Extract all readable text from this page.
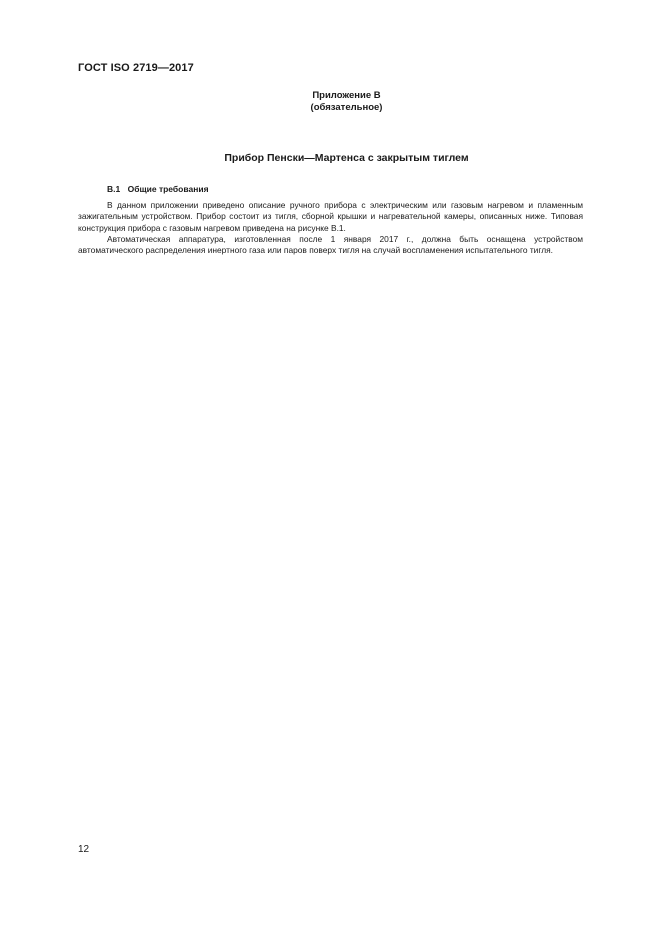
ГОСТ ISO 2719—2017
Приложение В
(обязательное)
Прибор Пенски—Мартенса с закрытым тиглем
В.1 Общие требования

В данном приложении приведено описание ручного прибора с электрическим или газовым нагревом и пламенным зажигательным устройством. Прибор состоит из тигля, сборной крышки и нагревательной камеры, описанных ниже. Типовая конструкция прибора с газовым нагревом приведена на рисунке В.1.

Автоматическая аппаратура, изготовленная после 1 января 2017 г., должна быть оснащена устройством автоматического распределения инертного газа или паров поверх тигля на случай воспламенения испытательного тигля.

12
